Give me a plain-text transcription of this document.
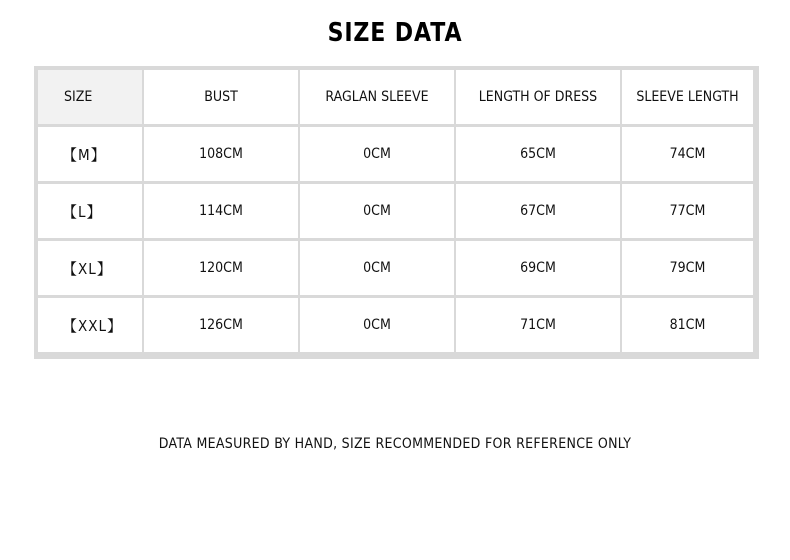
SIZE DATA
SIZE	BUST	RAGLAN SLEEVE	LENGTH OF DRESS	SLEEVE LENGTH
【M】	108CM	0CM	65CM	74CM
【L】	114CM	0CM	67CM	77CM
【XL】	120CM	0CM	69CM	79CM
【XXL】	126CM	0CM	71CM	81CM
DATA MEASURED BY HAND, SIZE RECOMMENDED FOR REFERENCE ONLY
